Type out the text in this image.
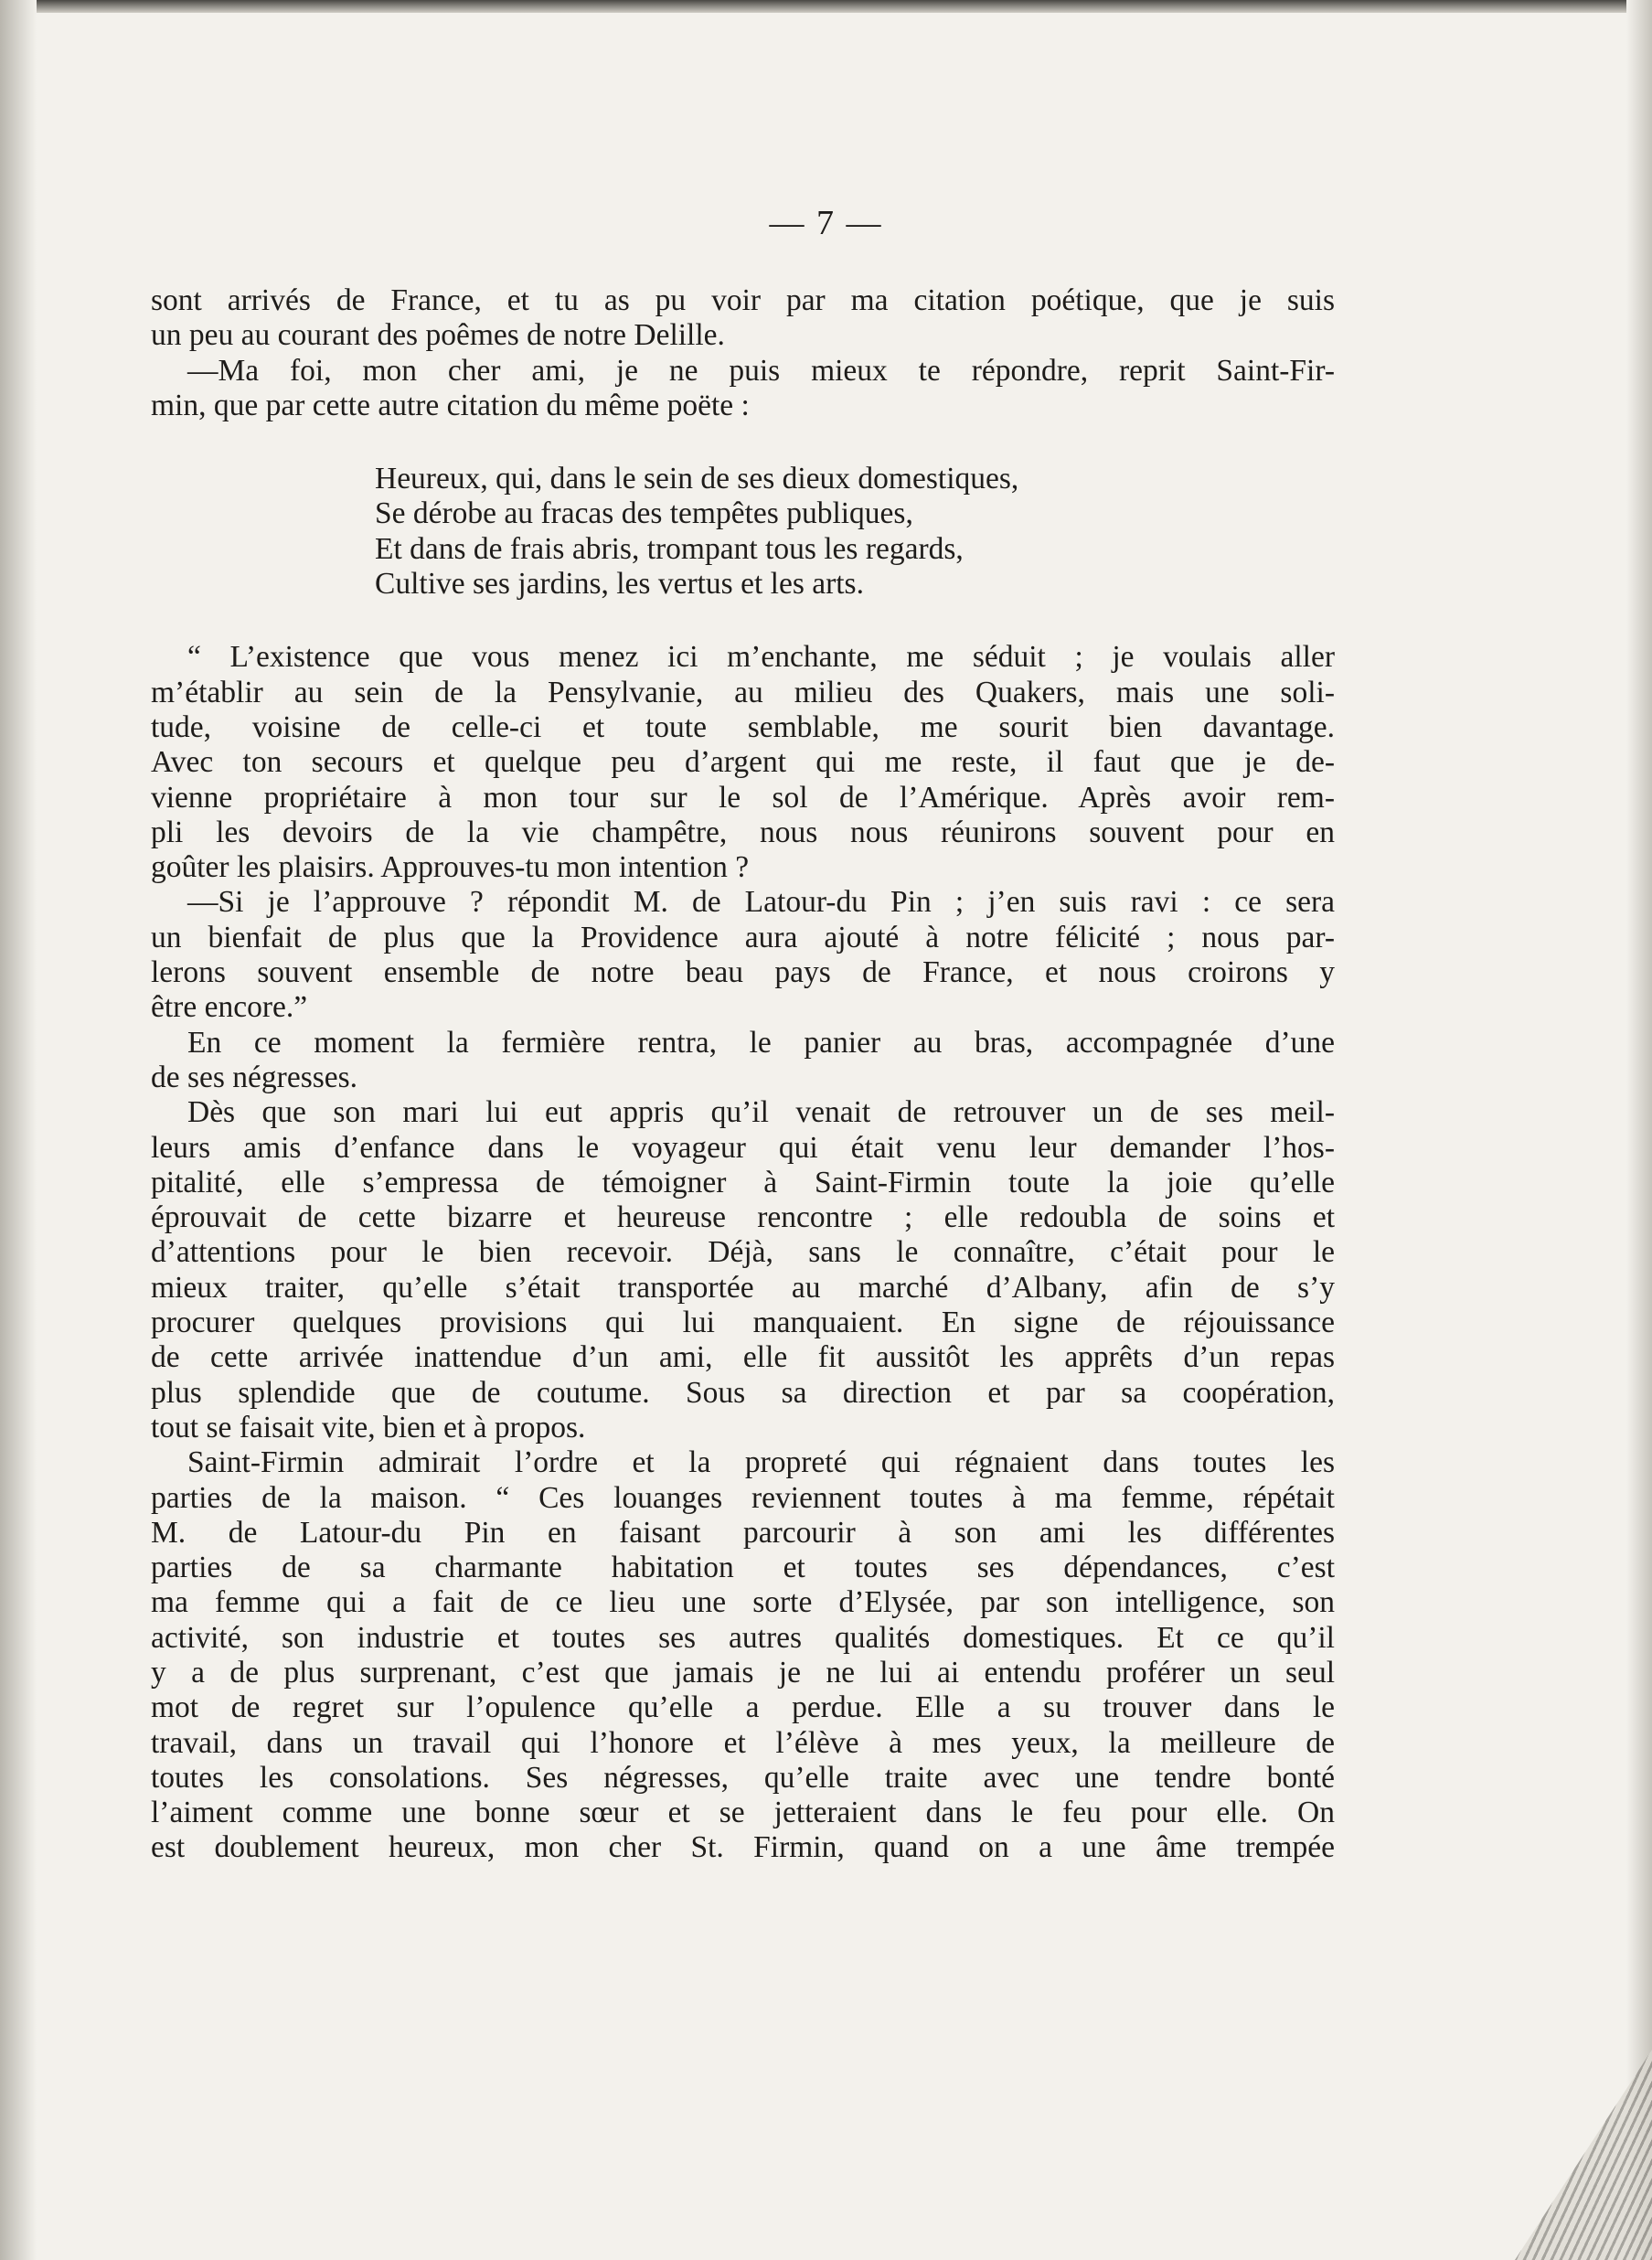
— 7 —
sont arrivés de France, et tu as pu voir par ma citation poétique, que je suis
un peu au courant des poêmes de notre Delille.
—Ma foi, mon cher ami, je ne puis mieux te répondre, reprit Saint-Fir-
min, que par cette autre citation du même poëte :
Heureux, qui, dans le sein de ses dieux domestiques,
Se dérobe au fracas des tempêtes publiques,
Et dans de frais abris, trompant tous les regards,
Cultive ses jardins, les vertus et les arts.
“ L’existence que vous menez ici m’enchante, me séduit ; je voulais aller
m’établir au sein de la Pensylvanie, au milieu des Quakers, mais une soli-
tude, voisine de celle-ci et toute semblable, me sourit bien davantage.
Avec ton secours et quelque peu d’argent qui me reste, il faut que je de-
vienne propriétaire à mon tour sur le sol de l’Amérique. Après avoir rem-
pli les devoirs de la vie champêtre, nous nous réunirons souvent pour en
goûter les plaisirs. Approuves-tu mon intention ?
—Si je l’approuve ? répondit M. de Latour-du Pin ; j’en suis ravi : ce sera
un bienfait de plus que la Providence aura ajouté à notre félicité ; nous par-
lerons souvent ensemble de notre beau pays de France, et nous croirons y
être encore.”
En ce moment la fermière rentra, le panier au bras, accompagnée d’une
de ses négresses.
Dès que son mari lui eut appris qu’il venait de retrouver un de ses meil-
leurs amis d’enfance dans le voyageur qui était venu leur demander l’hos-
pitalité, elle s’empressa de témoigner à Saint-Firmin toute la joie qu’elle
éprouvait de cette bizarre et heureuse rencontre ; elle redoubla de soins et
d’attentions pour le bien recevoir. Déjà, sans le connaître, c’était pour le
mieux traiter, qu’elle s’était transportée au marché d’Albany, afin de s’y
procurer quelques provisions qui lui manquaient. En signe de réjouissance
de cette arrivée inattendue d’un ami, elle fit aussitôt les apprêts d’un repas
plus splendide que de coutume. Sous sa direction et par sa coopération,
tout se faisait vite, bien et à propos.
Saint-Firmin admirait l’ordre et la propreté qui régnaient dans toutes les
parties de la maison. “ Ces louanges reviennent toutes à ma femme, répétait
M. de Latour-du Pin en faisant parcourir à son ami les différentes
parties de sa charmante habitation et toutes ses dépendances, c’est
ma femme qui a fait de ce lieu une sorte d’Elysée, par son intelligence, son
activité, son industrie et toutes ses autres qualités domestiques. Et ce qu’il
y a de plus surprenant, c’est que jamais je ne lui ai entendu proférer un seul
mot de regret sur l’opulence qu’elle a perdue. Elle a su trouver dans le
travail, dans un travail qui l’honore et l’élève à mes yeux, la meilleure de
toutes les consolations. Ses négresses, qu’elle traite avec une tendre bonté
l’aiment comme une bonne sœur et se jetteraient dans le feu pour elle. On
est doublement heureux, mon cher St. Firmin, quand on a une âme trempée
